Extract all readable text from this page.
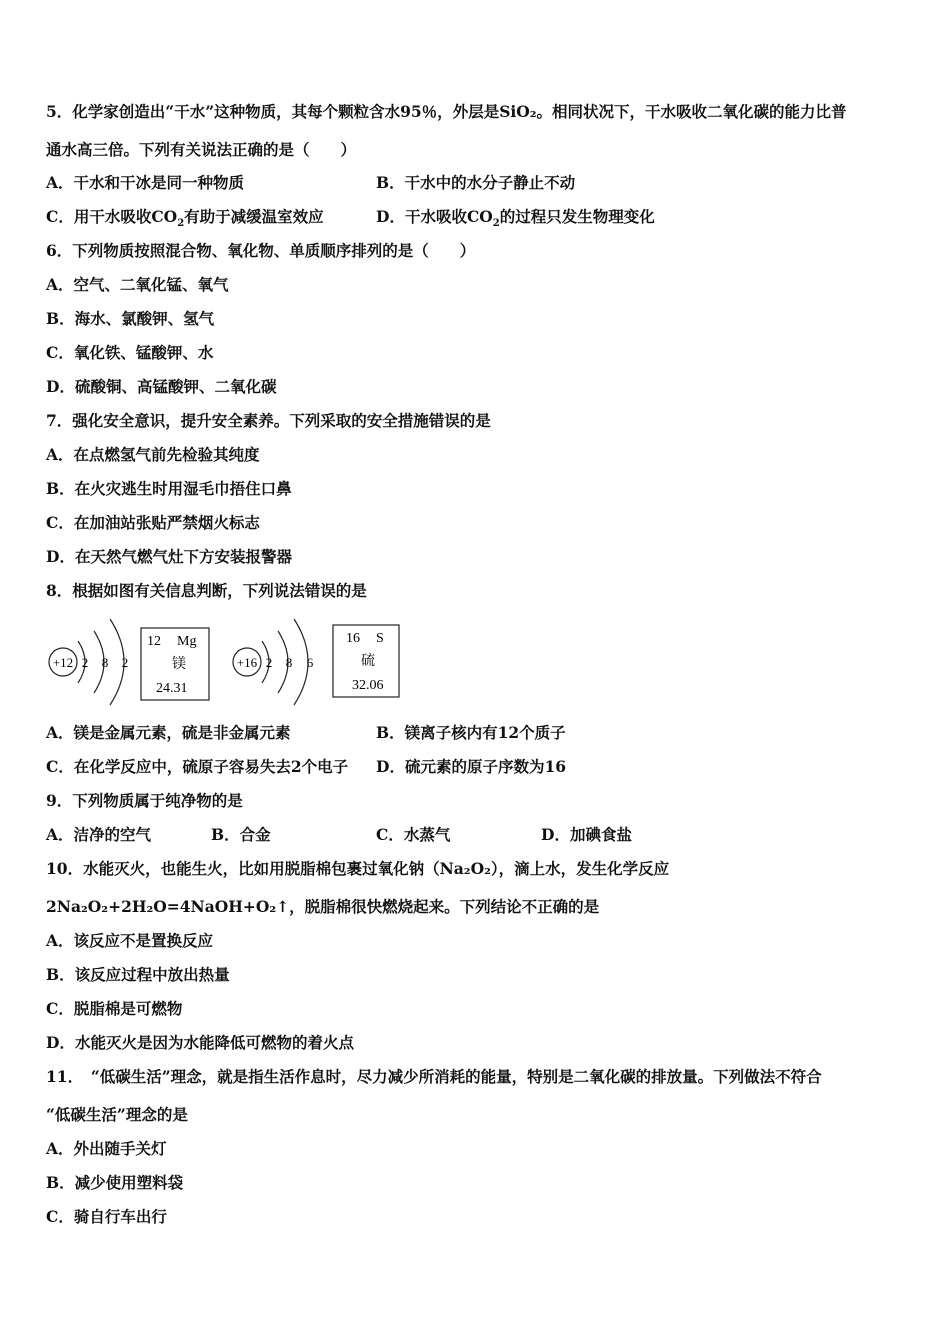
5．化学家创造出“干水”这种物质，其每个颗粒含水95％，外层是SiO₂。相同状况下，干水吸收二氧化碳的能力比普
通水高三倍。下列有关说法正确的是（　　）
A．干水和干冰是同一种物质	B．干水中的水分子静止不动
C．用干水吸收$CO_2$有助于减缓温室效应	D．干水吸收$CO_2$的过程只发生物理变化
6．下列物质按照混合物、氧化物、单质顺序排列的是（　　）
A．空气、二氧化锰、氧气
B．海水、氯酸钾、氢气
C．氧化铁、锰酸钾、水
D．硫酸铜、高锰酸钾、二氧化碳
7．强化安全意识，提升安全素养。下列采取的安全措施错误的是
A．在点燃氢气前先检验其纯度
B．在火灾逃生时用湿毛巾捂住口鼻
C．在加油站张贴严禁烟火标志
D．在天然气燃气灶下方安装报警器
8．根据如图有关信息判断，下列说法错误的是
+12 2 8 2
12 Mg
镁
24.31
+16 2 8 6
16 S
硫
32.06
A．镁是金属元素，硫是非金属元素	B．镁离子核内有12个质子
C．在化学反应中，硫原子容易失去2个电子 D．硫元素的原子序数为16
9．下列物质属于纯净物的是
A．洁净的空气	B．合金	C．水蒸气	D．加碘食盐
10．水能灭火，也能生火，比如用脱脂棉包裹过氧化钠（Na₂O₂），滴上水，发生化学反应
2Na₂O₂+2H₂O=4NaOH+O₂↑，脱脂棉很快燃烧起来。下列结论不正确的是
A．该反应不是置换反应
B．该反应过程中放出热量
C．脱脂棉是可燃物
D．水能灭火是因为水能降低可燃物的着火点
11．　“低碳生活”理念，就是指生活作息时，尽力减少所消耗的能量，特别是二氧化碳的排放量。下列做法不符合
“低碳生活”理念的是
A．外出随手关灯
B．减少使用塑料袋
C．骑自行车出行
